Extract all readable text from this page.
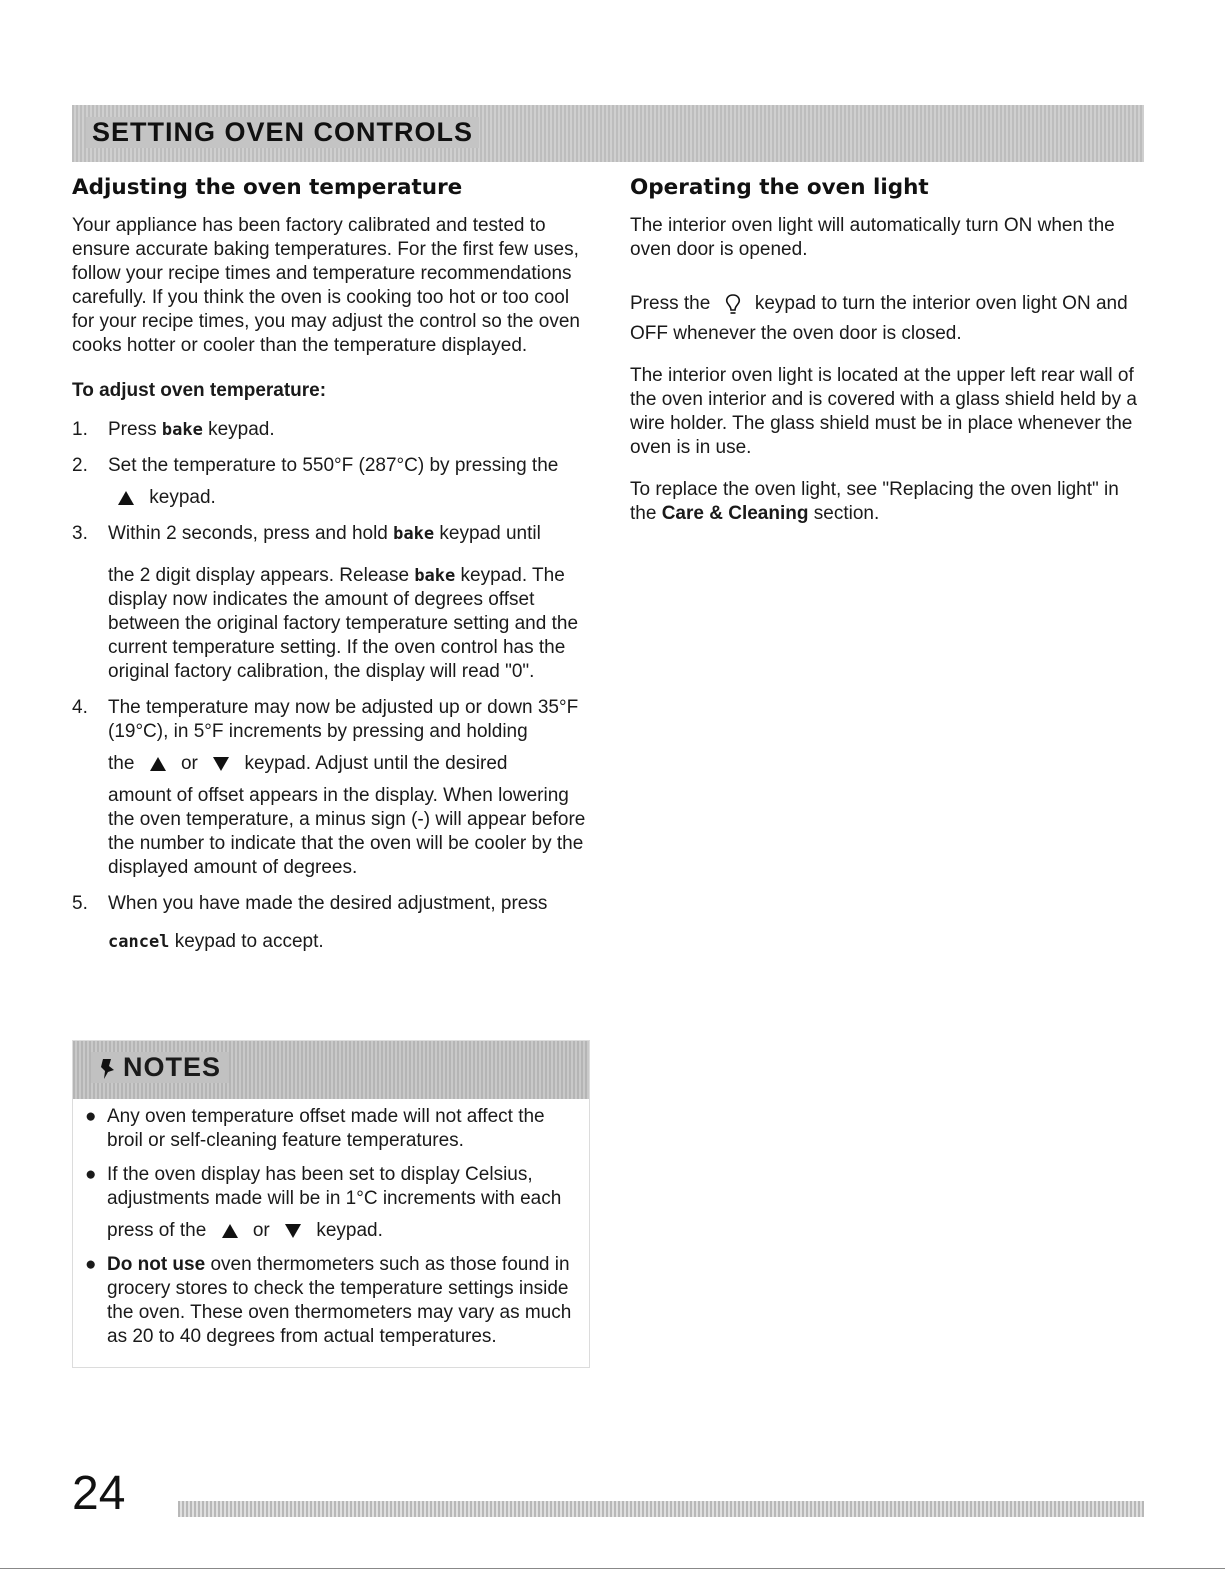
SETTING OVEN CONTROLS
Adjusting the oven temperature

Your appliance has been factory calibrated and tested to ensure accurate baking temperatures. For the first few uses, follow your recipe times and temperature recommendations carefully. If you think the oven is cooking too hot or too cool for your recipe times, you may adjust the control so the oven cooks hotter or cooler than the temperature displayed.

To adjust oven temperature:
1. Press bake keypad.
2. Set the temperature to 550°F (287°C) by pressing the
keypad.
3. Within 2 seconds, press and hold bake keypad until
the 2 digit display appears. Release bake keypad. The display now indicates the amount of degrees offset between the original factory temperature setting and the current temperature setting. If the oven control has the original factory calibration, the display will read "0".
4. The temperature may now be adjusted up or down 35°F (19°C), in 5°F increments by pressing and holding
the or keypad. Adjust until the desired
amount of offset appears in the display. When lowering the oven temperature, a minus sign (-) will appear before the number to indicate that the oven will be cooler by the displayed amount of degrees.
5. When you have made the desired adjustment, press
cancel keypad to accept.
NOTES

● Any oven temperature offset made will not affect the broil or self-cleaning feature temperatures.

● If the oven display has been set to display Celsius, adjustments made will be in 1°C increments with each
press of the or keypad.

● Do not use oven thermometers such as those found in grocery stores to check the temperature settings inside the oven. These oven thermometers may vary as much as 20 to 40 degrees from actual temperatures.

Operating the oven light

The interior oven light will automatically turn ON when the oven door is opened.

Press the keypad to turn the interior oven light ON and
OFF whenever the oven door is closed.

The interior oven light is located at the upper left rear wall of the oven interior and is covered with a glass shield held by a wire holder. The glass shield must be in place whenever the oven is in use.

To replace the oven light, see "Replacing the oven light" in the Care & Cleaning section.

24
